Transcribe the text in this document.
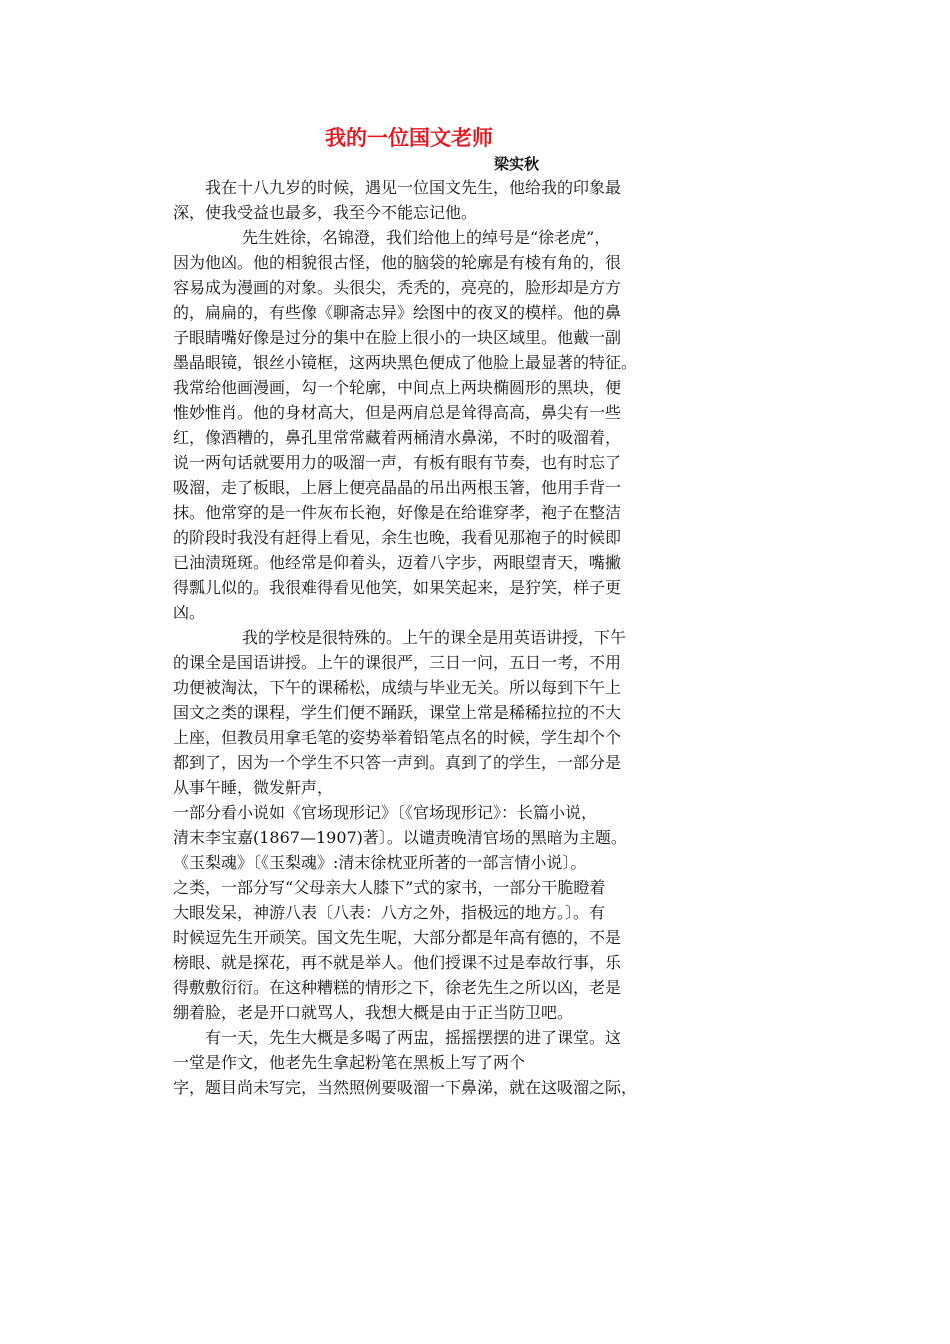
我的一位国文老师
梁实秋

我在十八九岁的时候，遇见一位国文先生，他给我的印象最

深，使我受益也最多，我至今不能忘记他。

先生姓徐，名锦澄，我们给他上的绰号是“徐老虎”，

因为他凶。他的相貌很古怪，他的脑袋的轮廓是有棱有角的，很

容易成为漫画的对象。头很尖，秃秃的，亮亮的，脸形却是方方

的，扁扁的，有些像《聊斋志异》绘图中的夜叉的模样。他的鼻

子眼睛嘴好像是过分的集中在脸上很小的一块区域里。他戴一副

墨晶眼镜，银丝小镜框，这两块黑色便成了他脸上最显著的特征。

我常给他画漫画，勾一个轮廓，中间点上两块椭圆形的黑块，便

惟妙惟肖。他的身材高大，但是两肩总是耸得高高，鼻尖有一些

红，像酒糟的，鼻孔里常常藏着两桶清水鼻涕，不时的吸溜着，

说一两句话就要用力的吸溜一声，有板有眼有节奏，也有时忘了

吸溜，走了板眼，上唇上便亮晶晶的吊出两根玉箸，他用手背一

抹。他常穿的是一件灰布长袍，好像是在给谁穿孝，袍子在整洁

的阶段时我没有赶得上看见，余生也晚，我看见那袍子的时候即

已油渍斑斑。他经常是仰着头，迈着八字步，两眼望青天，嘴撇

得瓢儿似的。我很难得看见他笑，如果笑起来，是狞笑，样子更

凶。

我的学校是很特殊的。上午的课全是用英语讲授，下午

的课全是国语讲授。上午的课很严，三日一问，五日一考，不用

功便被淘汰，下午的课稀松，成绩与毕业无关。所以每到下午上

国文之类的课程，学生们便不踊跃，课堂上常是稀稀拉拉的不大

上座，但教员用拿毛笔的姿势举着铅笔点名的时候，学生却个个

都到了，因为一个学生不只答一声到。真到了的学生，一部分是

从事午睡，微发鼾声，

一部分看小说如《官场现形记》〔《官场现形记》：长篇小说，

清末李宝嘉(1867—1907)著〕。以谴责晚清官场的黑暗为主题。

《玉梨魂》〔《玉梨魂》:清末徐枕亚所著的一部言情小说〕。

之类，一部分写“父母亲大人膝下”式的家书，一部分干脆瞪着

大眼发呆，神游八表〔八表：八方之外，指极远的地方。〕。有

时候逗先生开顽笑。国文先生呢，大部分都是年高有德的，不是

榜眼、就是探花，再不就是举人。他们授课不过是奉故行事，乐

得敷敷衍衍。在这种糟糕的情形之下，徐老先生之所以凶，老是

绷着脸，老是开口就骂人，我想大概是由于正当防卫吧。

有一天，先生大概是多喝了两盅，摇摇摆摆的进了课堂。这

一堂是作文，他老先生拿起粉笔在黑板上写了两个

字，题目尚未写完，当然照例要吸溜一下鼻涕，就在这吸溜之际，
